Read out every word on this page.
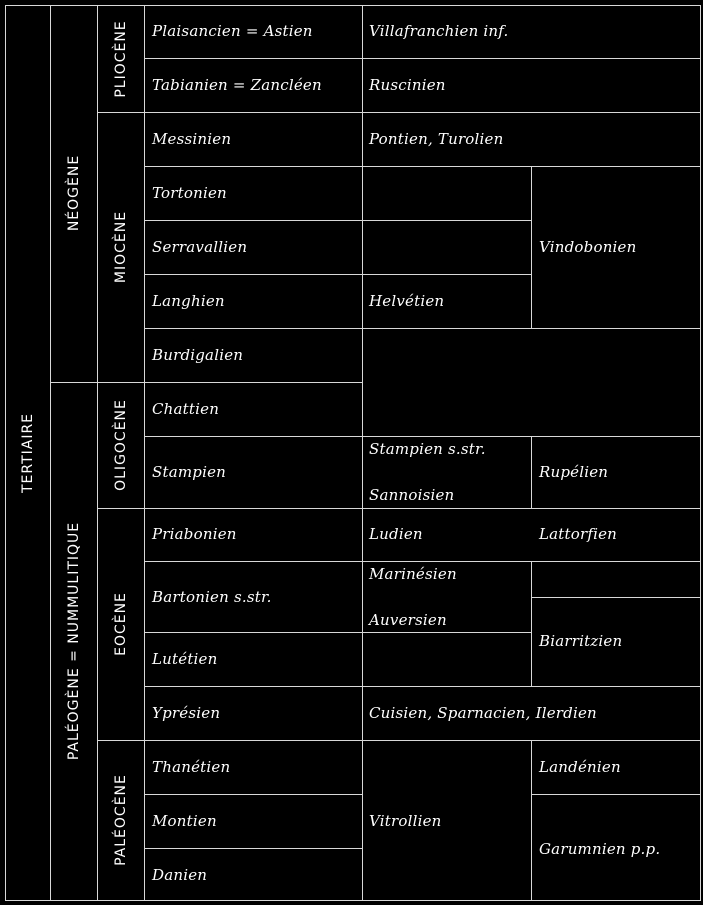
TERTIAIRE
NÉOGÈNE
PALÉOGÈNE = NUMMULITIQUE
PLIOCÈNE
MIOCÈNE
OLIGOCÈNE
EOCÈNE
PALÉOCÈNE
Plaisancien = Astien
Tabianien = Zancléen
Messinien
Tortonien
Serravallien
Langhien
Burdigalien
Chattien
Stampien
Priabonien
Bartonien s.str.
Lutétien
Yprésien
Thanétien
Montien
Danien
Villafranchien inf.
Ruscinien
Pontien, Turolien
Vindobonien
Helvétien
Stampien s.str.
Sannoisien
Rupélien
Ludien	Lattorfien
Marinésien
Auversien
Biarritzien
Cuisien, Sparnacien, Ilerdien
Vitrollien
Landénien
Garumnien p.p.
